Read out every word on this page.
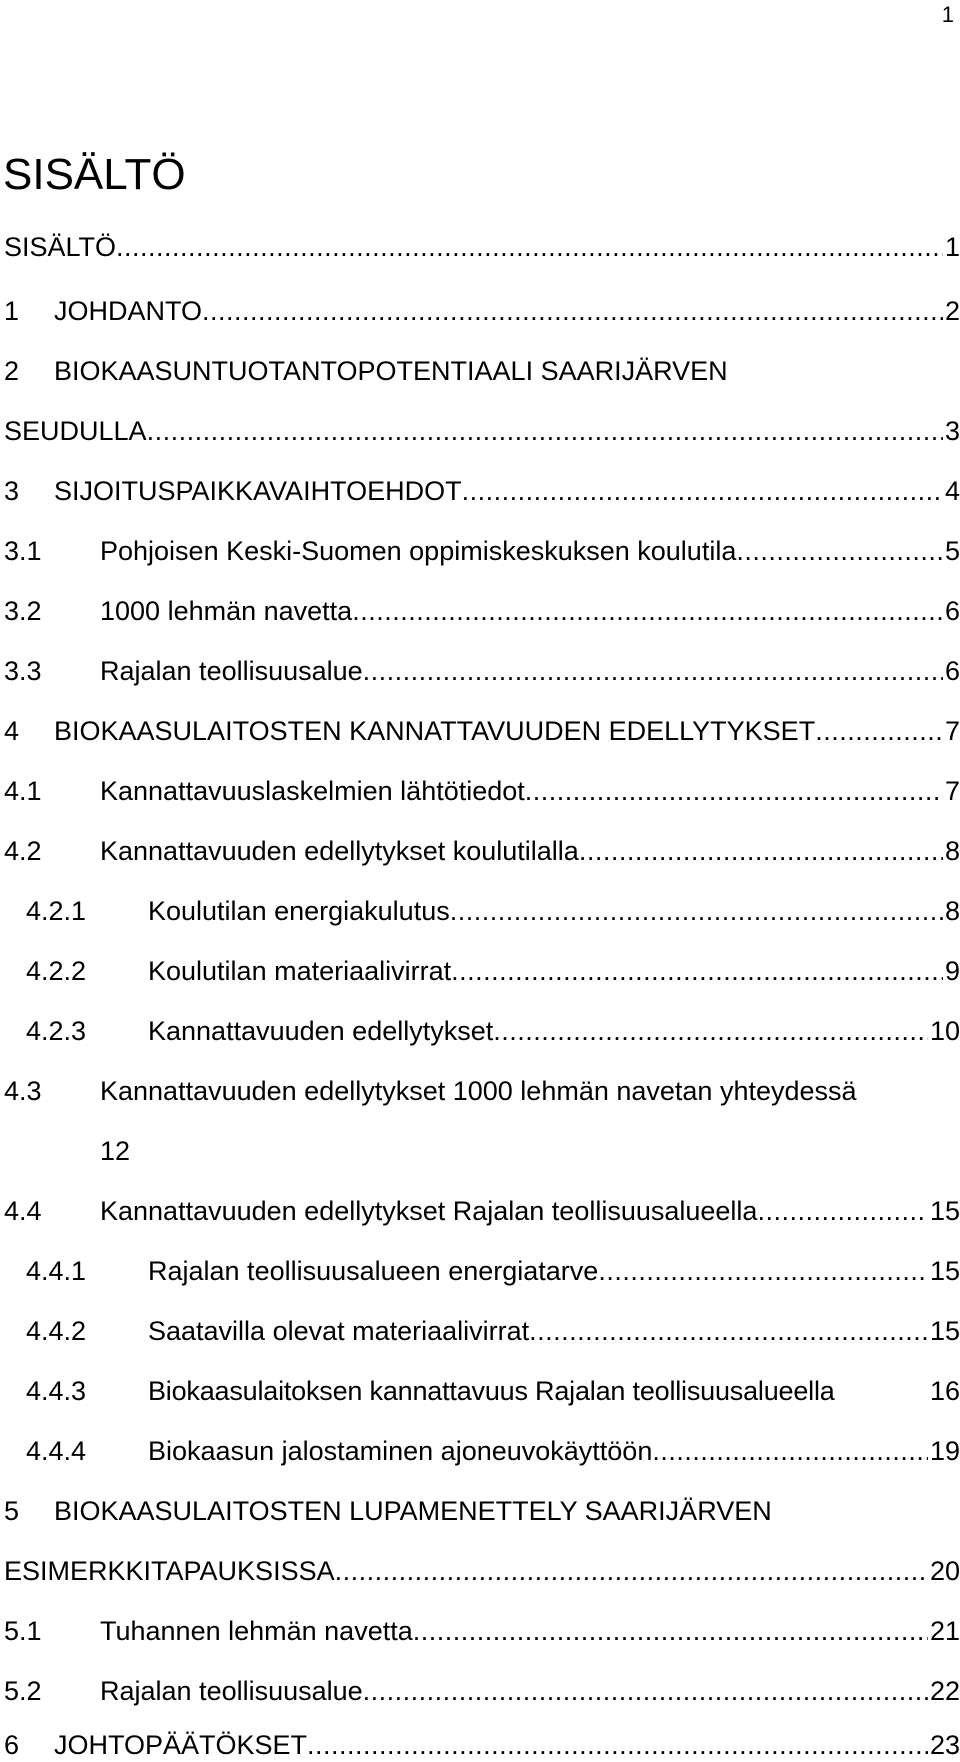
1
SISÄLTÖ
SISÄLTÖ .....	1
1	JOHDANTO .....	2
2	BIOKAASUNTUOTANTOPOTENTIAALI SAARIJÄRVEN
SEUDULLA .....	3
3	SIJOITUSPAIKKAVAIHTOEHDOT .....	4
3.1	Pohjoisen Keski-Suomen oppimiskeskuksen koulutila .....	5
3.2	1000 lehmän navetta .....	6
3.3	Rajalan teollisuusalue .....	6
4	BIOKAASULAITOSTEN KANNATTAVUUDEN EDELLYTYKSET .....	7
4.1	Kannattavuuslaskelmien lähtötiedot .....	7
4.2	Kannattavuuden edellytykset koulutilalla .....	8
4.2.1	Koulutilan energiakulutus .....	8
4.2.2	Koulutilan materiaalivirrat .....	9
4.2.3	Kannattavuuden edellytykset .....	10
4.3	Kannattavuuden edellytykset 1000 lehmän navetan yhteydessä
12
4.4	Kannattavuuden edellytykset Rajalan teollisuusalueella .....	15
4.4.1	Rajalan teollisuusalueen energiatarve .....	15
4.4.2	Saatavilla olevat materiaalivirrat .....	15
4.4.3	Biokaasulaitoksen kannattavuus Rajalan teollisuusalueella	16
4.4.4	Biokaasun jalostaminen ajoneuvokäyttöön .....	19
5	BIOKAASULAITOSTEN LUPAMENETTELY SAARIJÄRVEN
ESIMERKKITAPAUKSISSA .....	20
5.1	Tuhannen lehmän navetta .....	21
5.2	Rajalan teollisuusalue .....	22
6	JOHTOPÄÄTÖKSET .....	23
